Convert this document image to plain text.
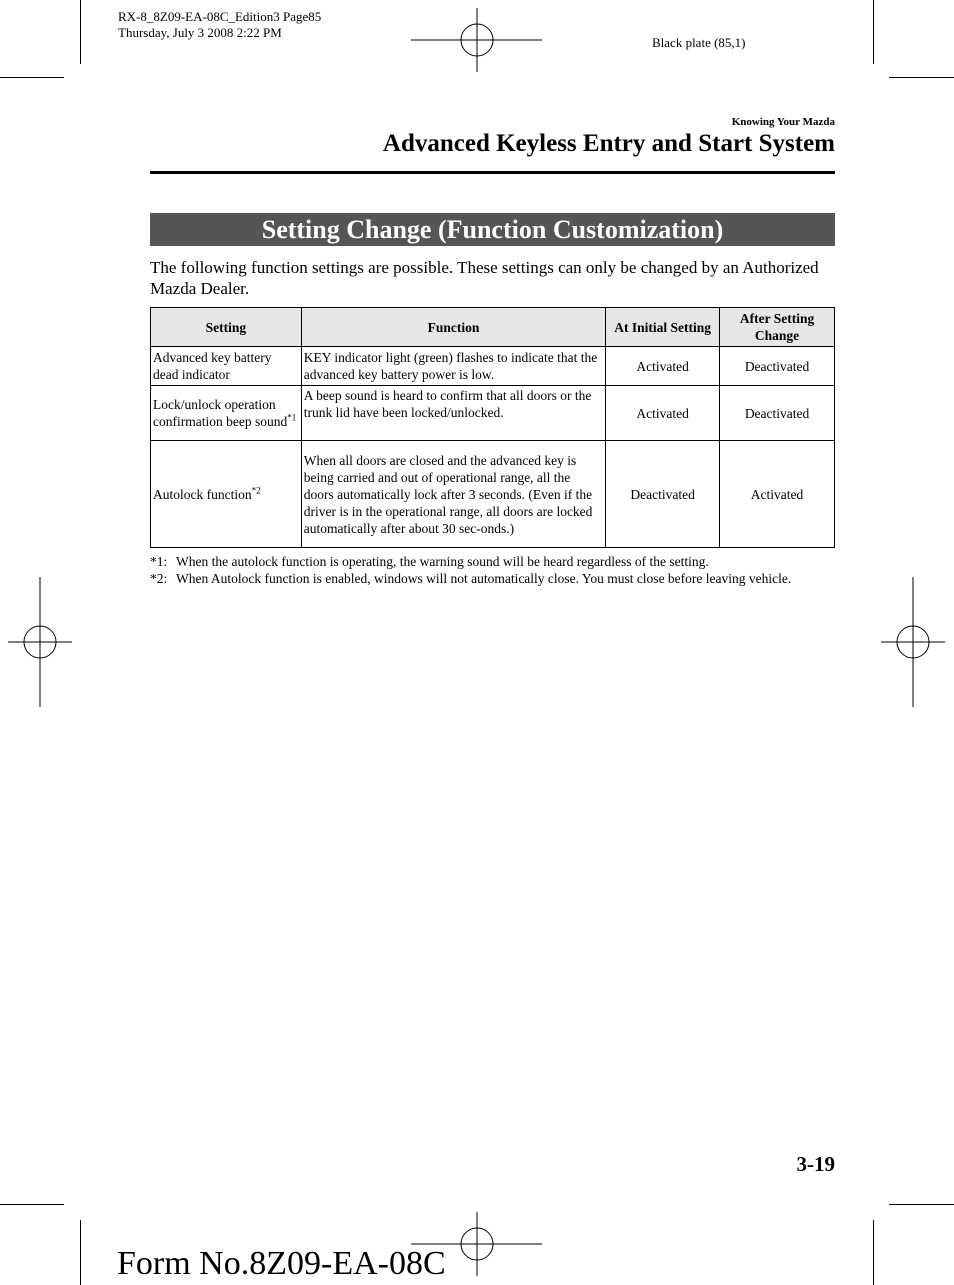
RX-8_8Z09-EA-08C_Edition3 Page85
Thursday, July 3 2008 2:22 PM
Black plate (85,1)
Knowing Your Mazda
Advanced Keyless Entry and Start System
Setting Change (Function Customization)
The following function settings are possible. These settings can only be changed by an Authorized Mazda Dealer.
Setting	Function	At Initial Setting	After Setting Change
Advanced key battery dead indicator	KEY indicator light (green) flashes to indicate that the advanced key battery power is low.	Activated	Deactivated
Lock/unlock operation confirmation beep sound$^{*1}$	A beep sound is heard to confirm that all doors or the trunk lid have been locked/unlocked.	Activated	Deactivated
Autolock function$^{*2}$	When all doors are closed and the advanced key is being carried and out of operational range, all the doors automatically lock after 3 seconds. (Even if the driver is in the operational range, all doors are locked automatically after about 30 sec-onds.)	Deactivated	Activated
*1: When the autolock function is operating, the warning sound will be heard regardless of the setting.
*2: When Autolock function is enabled, windows will not automatically close. You must close before leaving vehicle.
3-19
Form No.8Z09-EA-08C
